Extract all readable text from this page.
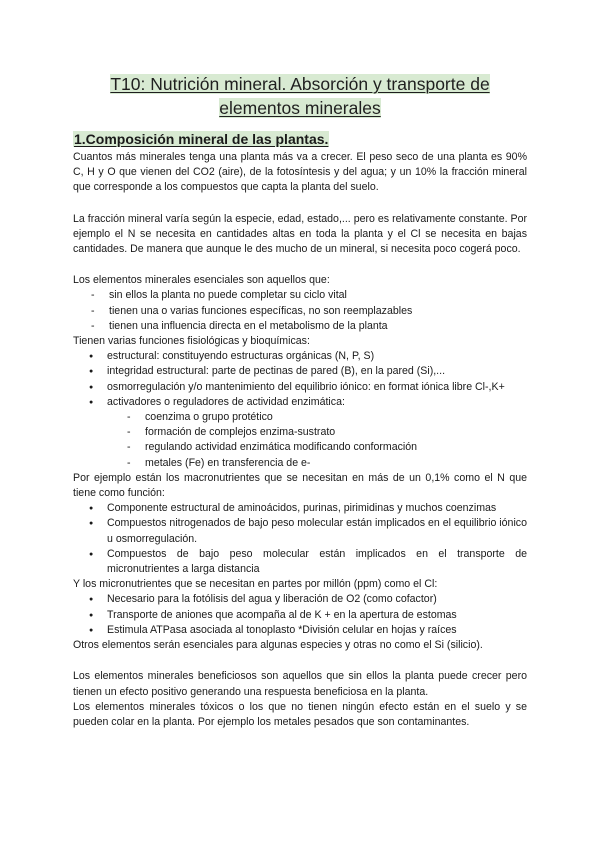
T10: Nutrición mineral. Absorción y transporte de
elementos minerales
1.Composición mineral de las plantas.

Cuantos más minerales tenga una planta más va a crecer. El peso seco de una planta es 90% C, H y O que vienen del CO2 (aire), de la fotosíntesis y del agua; y un 10% la fracción mineral que corresponde a los compuestos que capta la planta del suelo.

La fracción mineral varía según la especie, edad, estado,... pero es relativamente constante. Por ejemplo el N se necesita en cantidades altas en toda la planta y el Cl se necesita en bajas cantidades. De manera que aunque le des mucho de un mineral, si necesita poco cogerá poco.

Los elementos minerales esenciales son aquellos que:

- sin ellos la planta no puede completar su ciclo vital
- tienen una o varias funciones específicas, no son reemplazables
- tienen una influencia directa en el metabolismo de la planta

Tienen varias funciones fisiológicas y bioquímicas:

● estructural: constituyendo estructuras orgánicas (N, P, S)
● integridad estructural: parte de pectinas de pared (B), en la pared (Si),...
● osmorregulación y/o mantenimiento del equilibrio iónico: en format iónica libre Cl-,K+
● activadores o reguladores de actividad enzimática:
- coenzima o grupo protético
- formación de complejos enzima-sustrato
- regulando actividad enzimática modificando conformación
- metales (Fe) en transferencia de e-

Por ejemplo están los macronutrientes que se necesitan en más de un 0,1% como el N que tiene como función:

● Componente estructural de aminoácidos, purinas, pirimidinas y muchos coenzimas
● Compuestos nitrogenados de bajo peso molecular están implicados en el equilibrio iónico u osmorregulación.
● Compuestos de bajo peso molecular están implicados en el transporte de micronutrientes a larga distancia

Y los micronutrientes que se necesitan en partes por millón (ppm) como el Cl:

● Necesario para la fotólisis del agua y liberación de O2 (como cofactor)
● Transporte de aniones que acompaña al de K + en la apertura de estomas
● Estimula ATPasa asociada al tonoplasto *División celular en hojas y raíces

Otros elementos serán esenciales para algunas especies y otras no como el Si (silicio).

Los elementos minerales beneficiosos son aquellos que sin ellos la planta puede crecer pero tienen un efecto positivo generando una respuesta beneficiosa en la planta.

Los elementos minerales tóxicos o los que no tienen ningún efecto están en el suelo y se pueden colar en la planta. Por ejemplo los metales pesados que son contaminantes.
